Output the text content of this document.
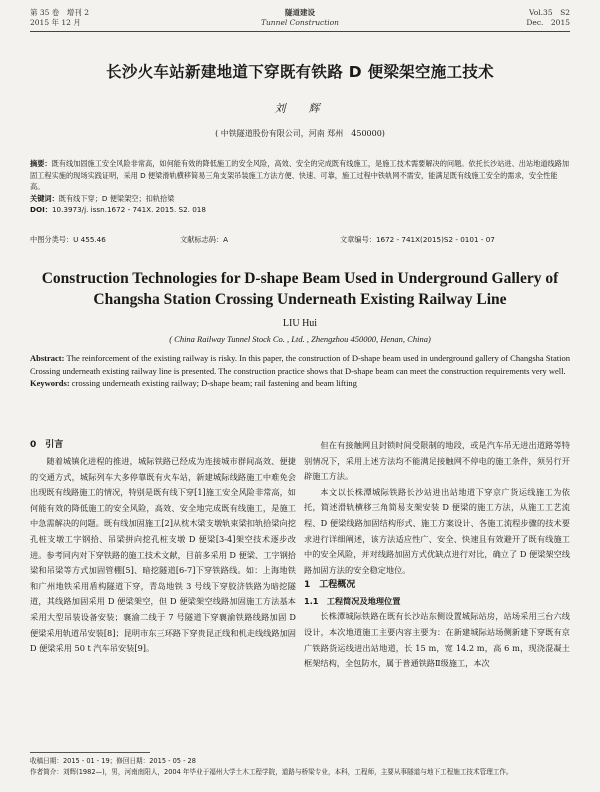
第 35 卷　增刊 2
2015 年 12 月
隧道建设
Tunnel Construction
Vol.35　S2
Dec.　2015
长沙火车站新建地道下穿既有铁路 D 便梁架空施工技术
刘　辉
( 中铁隧道股份有限公司，河南 郑州　450000)
摘要：既有线加固施工安全风险非常高，如何能有效的降低施工的安全风险，高效、安全的完成既有线施工，是施工技术需要解决的问题。依托长沙站进、出站地道线路加固工程实施的现场实践证明，采用 D 便梁滑轨横移简易三角支架吊装施工方法方便、快速、可靠，施工过程中铁轨网不需安，能满足既有线施工安全的需求，安全性能高。
关键词：既有线下穿；D 便梁架空；扣轨拾梁
DOI：10.3973/j. issn.1672 - 741X. 2015. S2. 018
中图分类号：U 455.46	文献标志码：A	文章编号：1672 - 741X(2015)S2 - 0101 - 07
Construction Technologies for D-shape Beam Used in Underground Gallery of Changsha Station Crossing Underneath Existing Railway Line
LIU Hui
( China Railway Tunnel Stock Co. , Ltd. , Zhengzhou 450000, Henan, China)
Abstract: The reinforcement of the existing railway is risky. In this paper, the construction of D-shape beam used in underground gallery of Changsha Station Crossing underneath existing railway line is presented. The construction practice shows that D-shape beam can meet the construction requirements very well.
Keywords: crossing underneath existing railway; D-shape beam; rail fastening and beam lifting
0　引言

随着城镇化进程的推进，城际铁路已经成为连接城市群间高效、便捷的交通方式，城际列车大多停靠既有火车站，新建城际线路施工中难免会出现既有线路施工的情况，特别是既有线下穿[1]施工安全风险非常高，如何能有效的降低施工的安全风险，高效、安全地完成既有线施工，是施工中急需解决的问题。既有线加固施工[2]从枕木梁支墩轨束梁扣轨拾梁向挖孔桩支墩工字钢拾、吊梁拼向挖孔桩支墩 D 便梁[3-4]架空技术逐步改进。参考同内对下穿铁路的施工技术文献，目前多采用 D 便梁、工字钢拾梁和吊梁等方式加固管棚[5]、暗挖隧道[6-7]下穿铁路线。如：上海地铁和广州地铁采用盾构隧道下穿，青岛地铁 3 号线下穿胶济铁路为暗挖隧道，其线路加固采用 D 便梁架空，但 D 便梁架空线路加固施工方法基本采用大型吊装设备安装；襄渝二线于 7 号隧道下穿襄渝铁路线路加固 D 便梁采用轨道吊安装[8]；昆明市东三环路下穿贵昆正线和机走线线路加固 D 便梁采用 50 t 汽车吊安装[9]。

但在有接触网且封锁时间受限制的地段，或是汽车吊无进出道路等特别情况下，采用上述方法均不能满足接触网不停电的施工条件，须另行开辟施工方法。

本文以长株潭城际铁路长沙站进出站地道下穿京广货运线施工为依托，简述滑轨横移三角简易支架安装 D 便梁的施工方法，从施工工艺流程、D 便梁线路加固结构形式、施工方案设计、各施工流程步骤的技术要求进行详细阐述，该方法适应性广、安全、快速且有效避开了既有线施工中的安全风险，并对线路加固方式优缺点进行对比，确立了 D 便梁架空线路加固方法的安全稳定地位。

1　工程概况
1.1　工程简况及地理位置

长株潭城际铁路在既有长沙站东侧设置城际站房，站场采用三台六线设计，本次地道施工主要内容主要为：在新建城际站场侧新建下穿既有京广铁路货运线进出站地道，长 15 m，宽 14.2 m，高 6 m，现浇混凝土框架结构，全包防水，属于普通铁路Ⅱ级施工，本次

收稿日期：2015 - 01 - 19；修回日期：2015 - 05 - 28
作者简介：刘辉(1982—)，男，河南南阳人，2004 年毕业于福州大学土木工程学院，道路与桥梁专业，本科，工程师，主要从事隧道与地下工程施工技术管理工作。
